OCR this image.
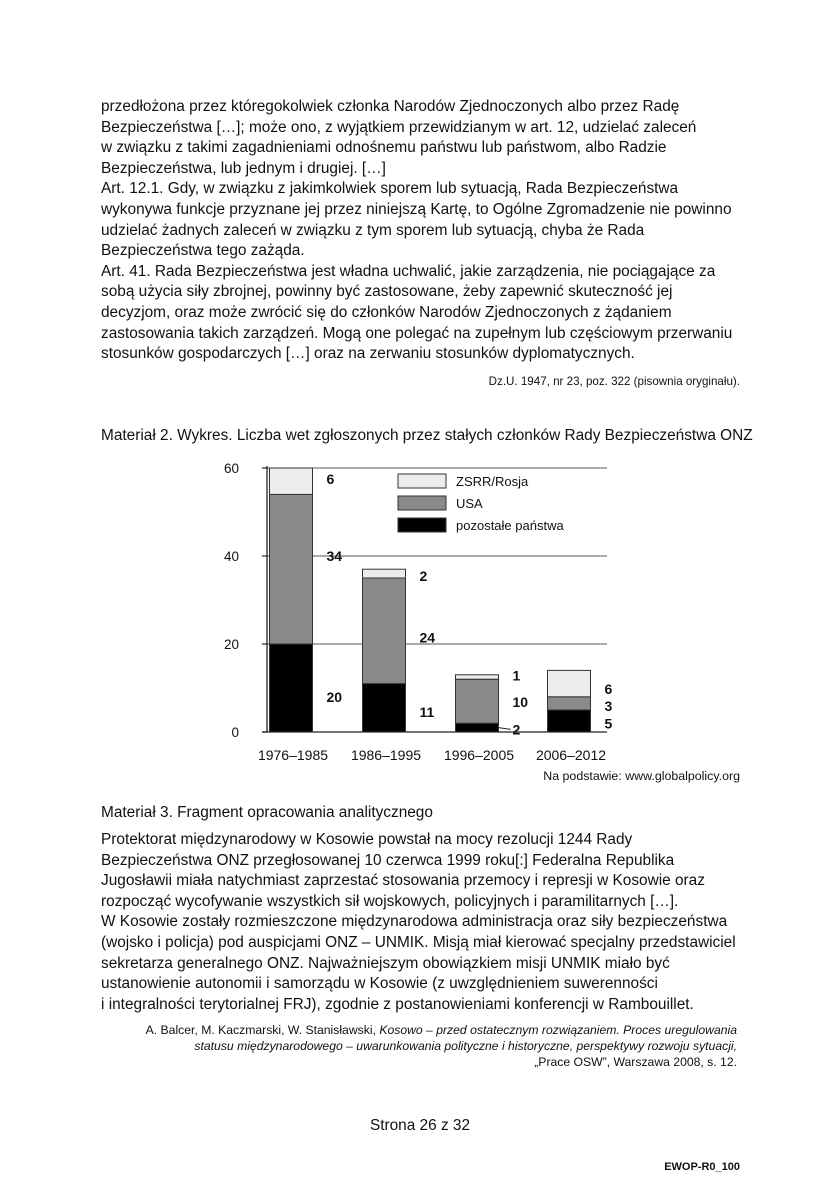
przedłożona przez któregokolwiek członka Narodów Zjednoczonych albo przez Radę
Bezpieczeństwa […]; może ono, z wyjątkiem przewidzianym w art. 12, udzielać zaleceń
w związku z takimi zagadnieniami odnośnemu państwu lub państwom, albo Radzie
Bezpieczeństwa, lub jednym i drugiej. […]
Art. 12.1. Gdy, w związku z jakimkolwiek sporem lub sytuacją, Rada Bezpieczeństwa
wykonywa funkcje przyznane jej przez niniejszą Kartę, to Ogólne Zgromadzenie nie powinno
udzielać żadnych zaleceń w związku z tym sporem lub sytuacją, chyba że Rada
Bezpieczeństwa tego zażąda.
Art. 41. Rada Bezpieczeństwa jest władna uchwalić, jakie zarządzenia, nie pociągające za
sobą użycia siły zbrojnej, powinny być zastosowane, żeby zapewnić skuteczność jej
decyzjom, oraz może zwrócić się do członków Narodów Zjednoczonych z żądaniem
zastosowania takich zarządzeń. Mogą one polegać na zupełnym lub częściowym przerwaniu
stosunków gospodarczych […] oraz na zerwaniu stosunków dyplomatycznych.
Dz.U. 1947, nr 23, poz. 322 (pisownia oryginału).
Materiał 2. Wykres. Liczba wet zgłoszonych przez stałych członków Rady Bezpieczeństwa ONZ
0
20
40
60
20
34
6
1976–1985
11
24
2
1986–1995
2
10
1
1996–2005
5
3
6
2006–2012
ZSRR/Rosja
USA
pozostałe państwa
Na podstawie: www.globalpolicy.org
Materiał 3. Fragment opracowania analitycznego
Protektorat międzynarodowy w Kosowie powstał na mocy rezolucji 1244 Rady
Bezpieczeństwa ONZ przegłosowanej 10 czerwca 1999 roku[:] Federalna Republika
Jugosławii miała natychmiast zaprzestać stosowania przemocy i represji w Kosowie oraz
rozpocząć wycofywanie wszystkich sił wojskowych, policyjnych i paramilitarnych […].
W Kosowie zostały rozmieszczone międzynarodowa administracja oraz siły bezpieczeństwa
(wojsko i policja) pod auspicjami ONZ – UNMIK. Misją miał kierować specjalny przedstawiciel
sekretarza generalnego ONZ. Najważniejszym obowiązkiem misji UNMIK miało być
ustanowienie autonomii i samorządu w Kosowie (z uwzględnieniem suwerenności
i integralności terytorialnej FRJ), zgodnie z postanowieniami konferencji w Rambouillet.
A. Balcer, M. Kaczmarski, W. Stanisławski, Kosowo – przed ostatecznym rozwiązaniem. Proces uregulowania
statusu międzynarodowego – uwarunkowania polityczne i historyczne, perspektywy rozwoju sytuacji,
„Prace OSW”, Warszawa 2008, s. 12.
Strona 26 z 32
EWOP-R0_100
